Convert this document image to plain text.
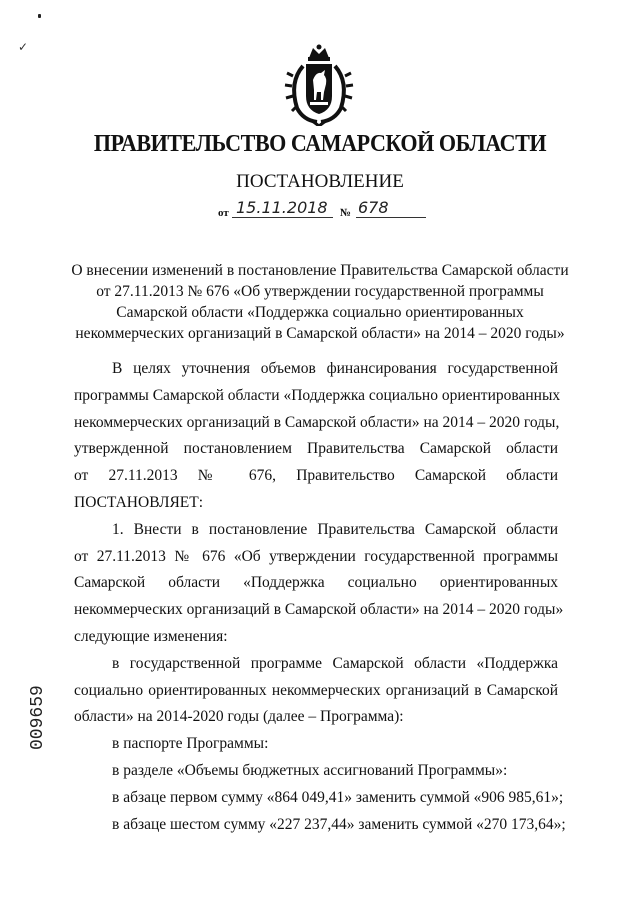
✓
ПРАВИТЕЛЬСТВО САМАРСКОЙ ОБЛАСТИ
ПОСТАНОВЛЕНИЕ
от 15.11.2018 № 678
О внесении изменений в постановление Правительства Самарской области
от 27.11.2013 № 676 «Об утверждении государственной программы
Самарской области «Поддержка социально ориентированных
некоммерческих организаций в Самарской области» на 2014 – 2020 годы»
В целях уточнения объемов финансирования государственной
программы Самарской области «Поддержка социально ориентированных
некоммерческих организаций в Самарской области» на 2014 – 2020 годы,
утвержденной постановлением Правительства Самарской области
от 27.11.2013 № 676, Правительство Самарской области
ПОСТАНОВЛЯЕТ:
1. Внести в постановление Правительства Самарской области
от 27.11.2013 № 676 «Об утверждении государственной программы
Самарской области «Поддержка социально ориентированных
некоммерческих организаций в Самарской области» на 2014 – 2020 годы»
следующие изменения:
в государственной программе Самарской области «Поддержка
социально ориентированных некоммерческих организаций в Самарской
области» на 2014-2020 годы (далее – Программа):
в паспорте Программы:
в разделе «Объемы бюджетных ассигнований Программы»:
в абзаце первом сумму «864 049,41» заменить суммой «906 985,61»;
в абзаце шестом сумму «227 237,44» заменить суммой «270 173,64»;
009659
